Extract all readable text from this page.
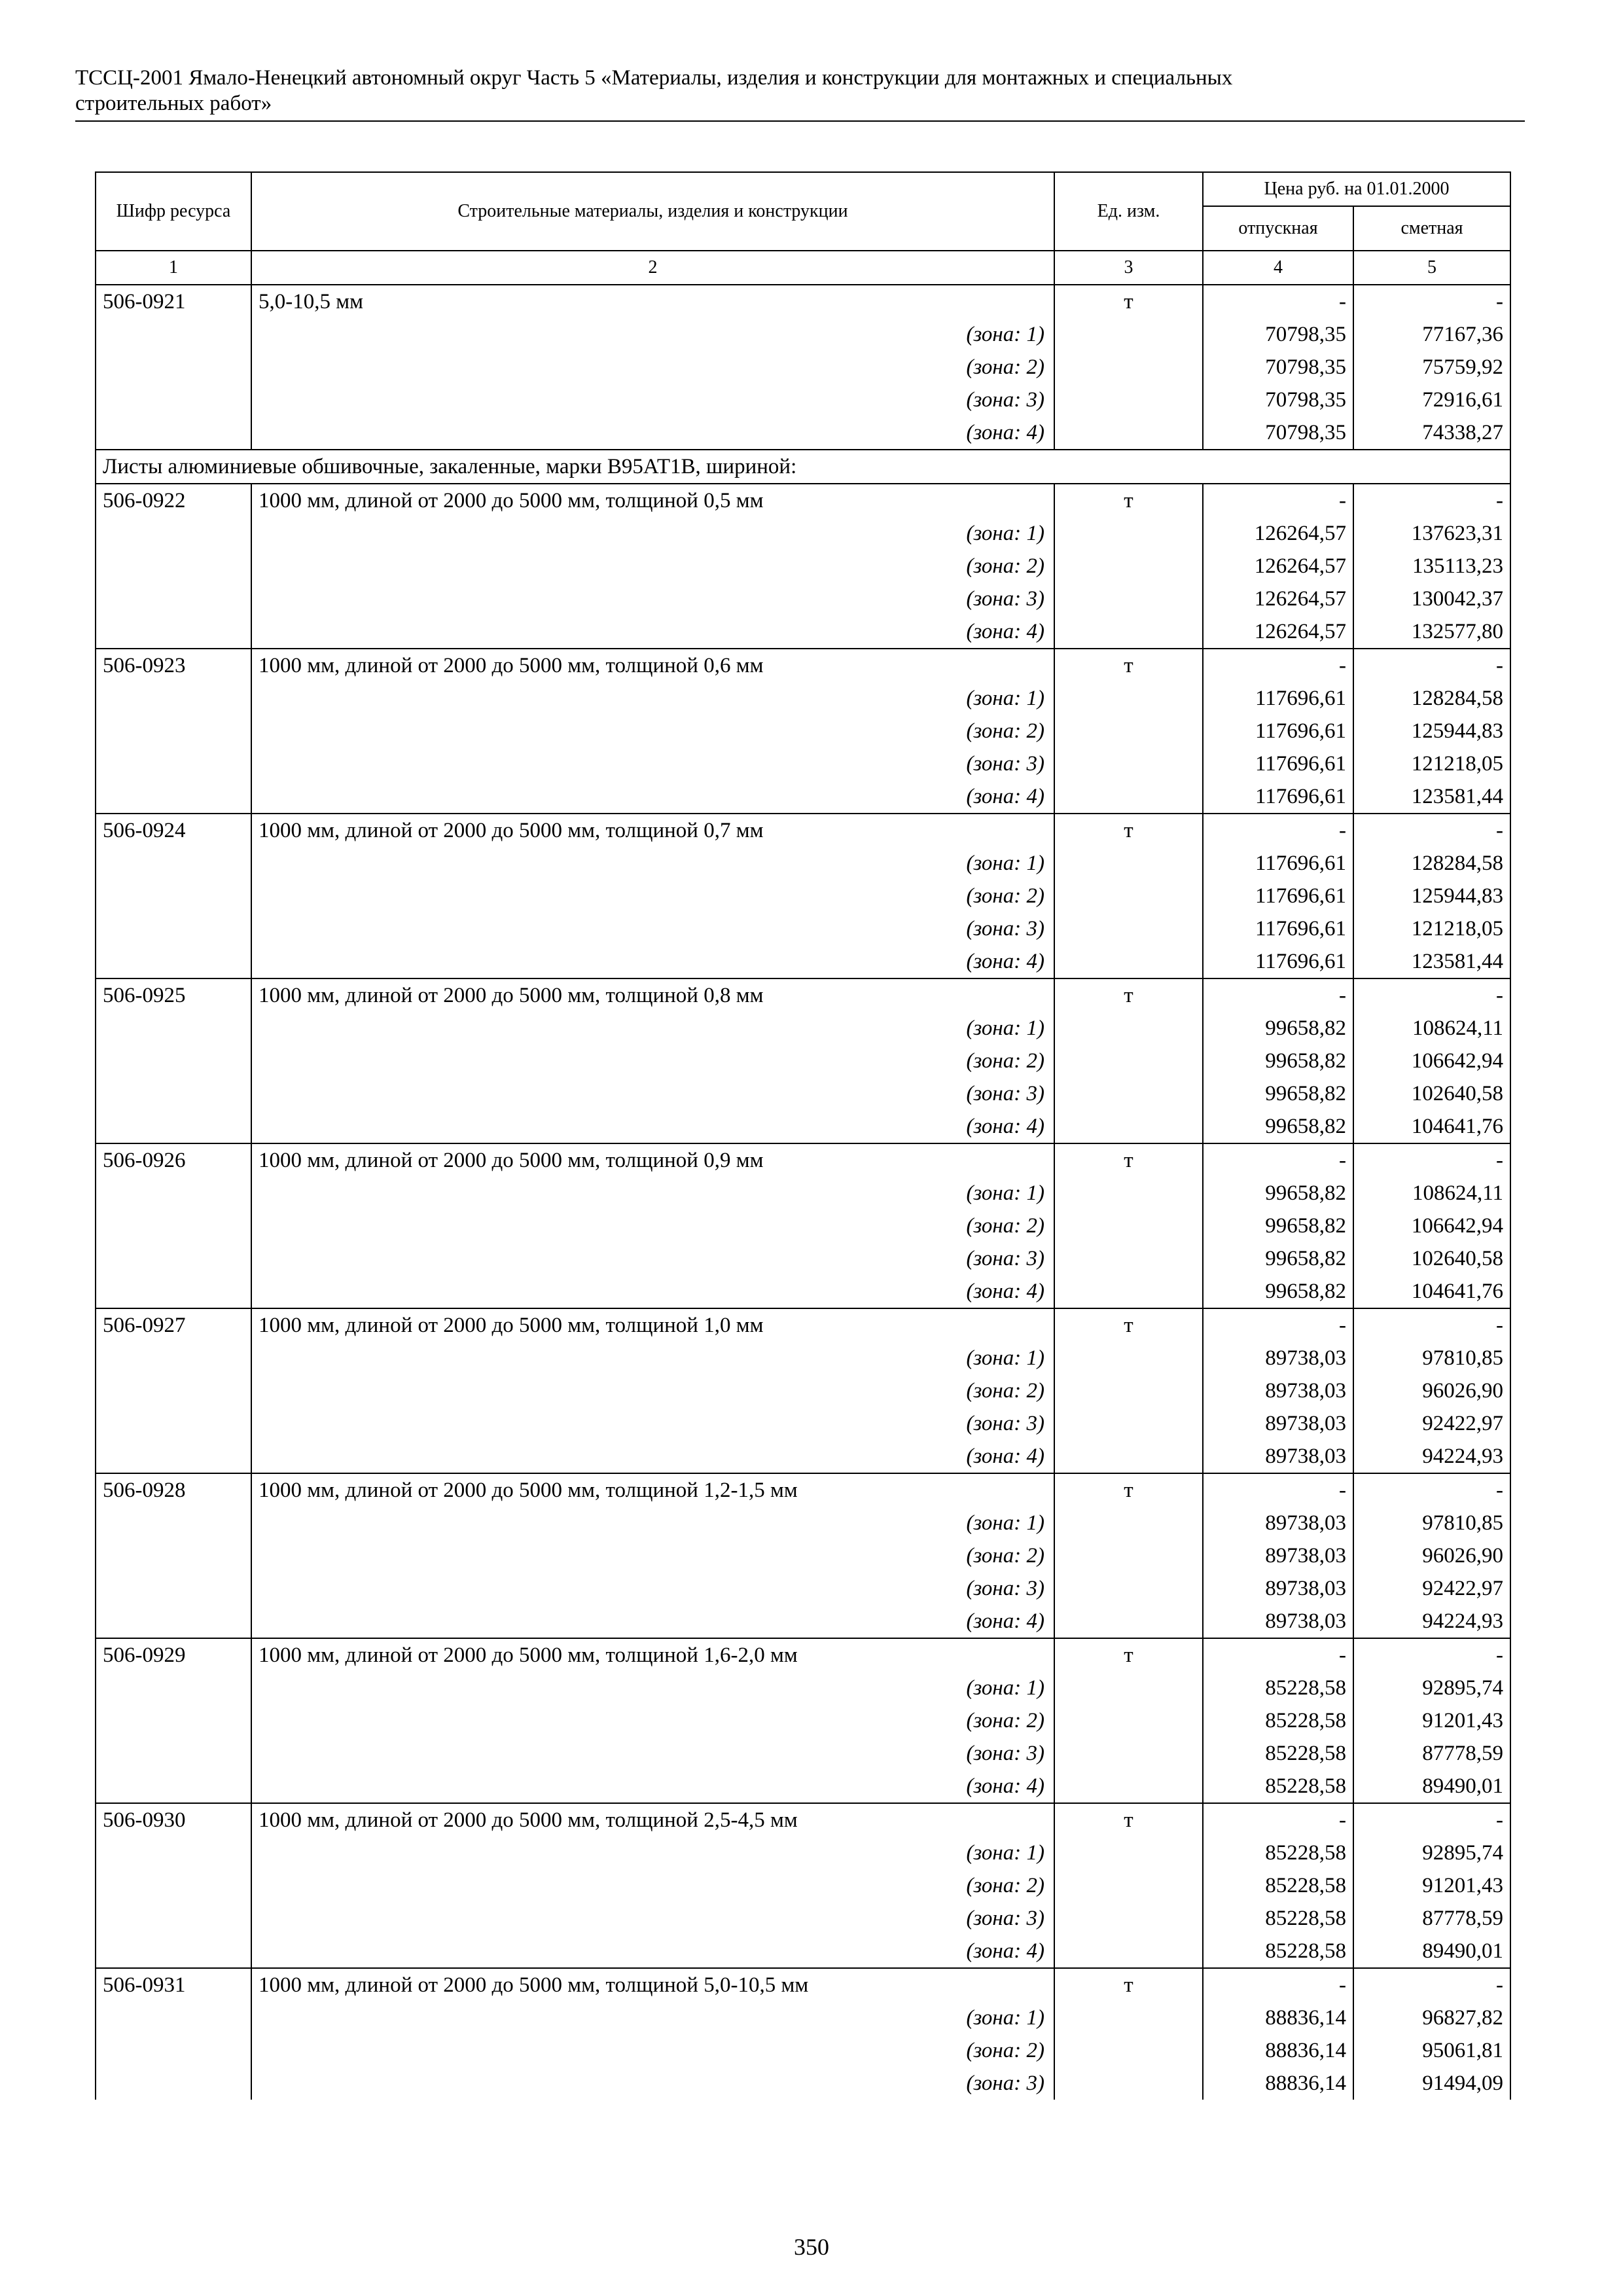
ТССЦ-2001 Ямало-Ненецкий автономный округ Часть 5 «Материалы, изделия и конструкции для монтажных и специальных
строительных работ»
Шифр ресурса	Строительные материалы, изделия и конструкции	Ед. изм.	Цена руб. на 01.01.2000	
			отпускная	сметная
1	2	3	4	5
506-0921	5,0-10,5 мм	т	-	-
	(зона: 1)		70798,35	77167,36
	(зона: 2)		70798,35	75759,92
	(зона: 3)		70798,35	72916,61
	(зона: 4)		70798,35	74338,27
Листы алюминиевые обшивочные, закаленные, марки В95АТ1В, шириной:				
506-0922	1000 мм, длиной от 2000 до 5000 мм, толщиной 0,5 мм	т	-	-
	(зона: 1)		126264,57	137623,31
	(зона: 2)		126264,57	135113,23
	(зона: 3)		126264,57	130042,37
	(зона: 4)		126264,57	132577,80
506-0923	1000 мм, длиной от 2000 до 5000 мм, толщиной 0,6 мм	т	-	-
	(зона: 1)		117696,61	128284,58
	(зона: 2)		117696,61	125944,83
	(зона: 3)		117696,61	121218,05
	(зона: 4)		117696,61	123581,44
506-0924	1000 мм, длиной от 2000 до 5000 мм, толщиной 0,7 мм	т	-	-
	(зона: 1)		117696,61	128284,58
	(зона: 2)		117696,61	125944,83
	(зона: 3)		117696,61	121218,05
	(зона: 4)		117696,61	123581,44
506-0925	1000 мм, длиной от 2000 до 5000 мм, толщиной 0,8 мм	т	-	-
	(зона: 1)		99658,82	108624,11
	(зона: 2)		99658,82	106642,94
	(зона: 3)		99658,82	102640,58
	(зона: 4)		99658,82	104641,76
506-0926	1000 мм, длиной от 2000 до 5000 мм, толщиной 0,9 мм	т	-	-
	(зона: 1)		99658,82	108624,11
	(зона: 2)		99658,82	106642,94
	(зона: 3)		99658,82	102640,58
	(зона: 4)		99658,82	104641,76
506-0927	1000 мм, длиной от 2000 до 5000 мм, толщиной 1,0 мм	т	-	-
	(зона: 1)		89738,03	97810,85
	(зона: 2)		89738,03	96026,90
	(зона: 3)		89738,03	92422,97
	(зона: 4)		89738,03	94224,93
506-0928	1000 мм, длиной от 2000 до 5000 мм, толщиной 1,2-1,5 мм	т	-	-
	(зона: 1)		89738,03	97810,85
	(зона: 2)		89738,03	96026,90
	(зона: 3)		89738,03	92422,97
	(зона: 4)		89738,03	94224,93
506-0929	1000 мм, длиной от 2000 до 5000 мм, толщиной 1,6-2,0 мм	т	-	-
	(зона: 1)		85228,58	92895,74
	(зона: 2)		85228,58	91201,43
	(зона: 3)		85228,58	87778,59
	(зона: 4)		85228,58	89490,01
506-0930	1000 мм, длиной от 2000 до 5000 мм, толщиной 2,5-4,5 мм	т	-	-
	(зона: 1)		85228,58	92895,74
	(зона: 2)		85228,58	91201,43
	(зона: 3)		85228,58	87778,59
	(зона: 4)		85228,58	89490,01
506-0931	1000 мм, длиной от 2000 до 5000 мм, толщиной 5,0-10,5 мм	т	-	-
	(зона: 1)		88836,14	96827,82
	(зона: 2)		88836,14	95061,81
	(зона: 3)		88836,14	91494,09
350
